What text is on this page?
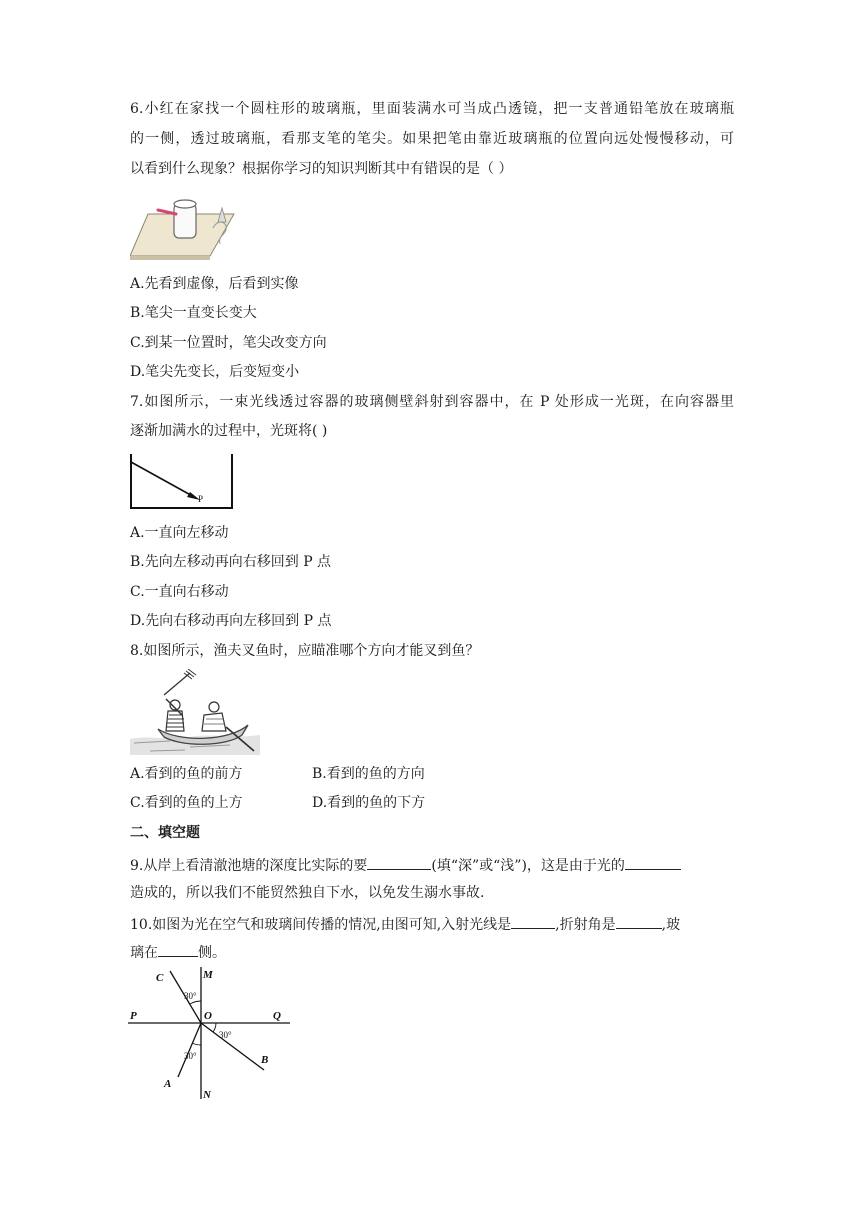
6.小红在家找一个圆柱形的玻璃瓶，里面装满水可当成凸透镜，把一支普通铅笔放在玻璃瓶
的一侧，透过玻璃瓶，看那支笔的笔尖。如果把笔由靠近玻璃瓶的位置向远处慢慢移动，可
以看到什么现象？根据你学习的知识判断其中有错误的是（ ）
A.先看到虚像，后看到实像
B.笔尖一直变长变大
C.到某一位置时，笔尖改变方向
D.笔尖先变长，后变短变小
7.如图所示，一束光线透过容器的玻璃侧壁斜射到容器中，在 P 处形成一光斑，在向容器里
逐渐加满水的过程中，光斑将( )
P
A.一直向左移动
B.先向左移动再向右移回到 P 点
C.一直向右移动
D.先向右移动再向左移回到 P 点
8.如图所示，渔夫叉鱼时，应瞄准哪个方向才能叉到鱼？
A.看到的鱼的前方	B.看到的鱼的方向
C.看到的鱼的上方	D.看到的鱼的下方
二、填空题
9.从岸上看清澈池塘的深度比实际的要	(填“深”或“浅”)，这是由于光的
造成的，所以我们不能贸然独自下水，以免发生溺水事故.
10.如图为光在空气和玻璃间传播的情况,由图可知,入射光线是	,折射角是	,玻
璃在	侧。
M
N
P	Q
O
C
A
B
30°
30°
30°
